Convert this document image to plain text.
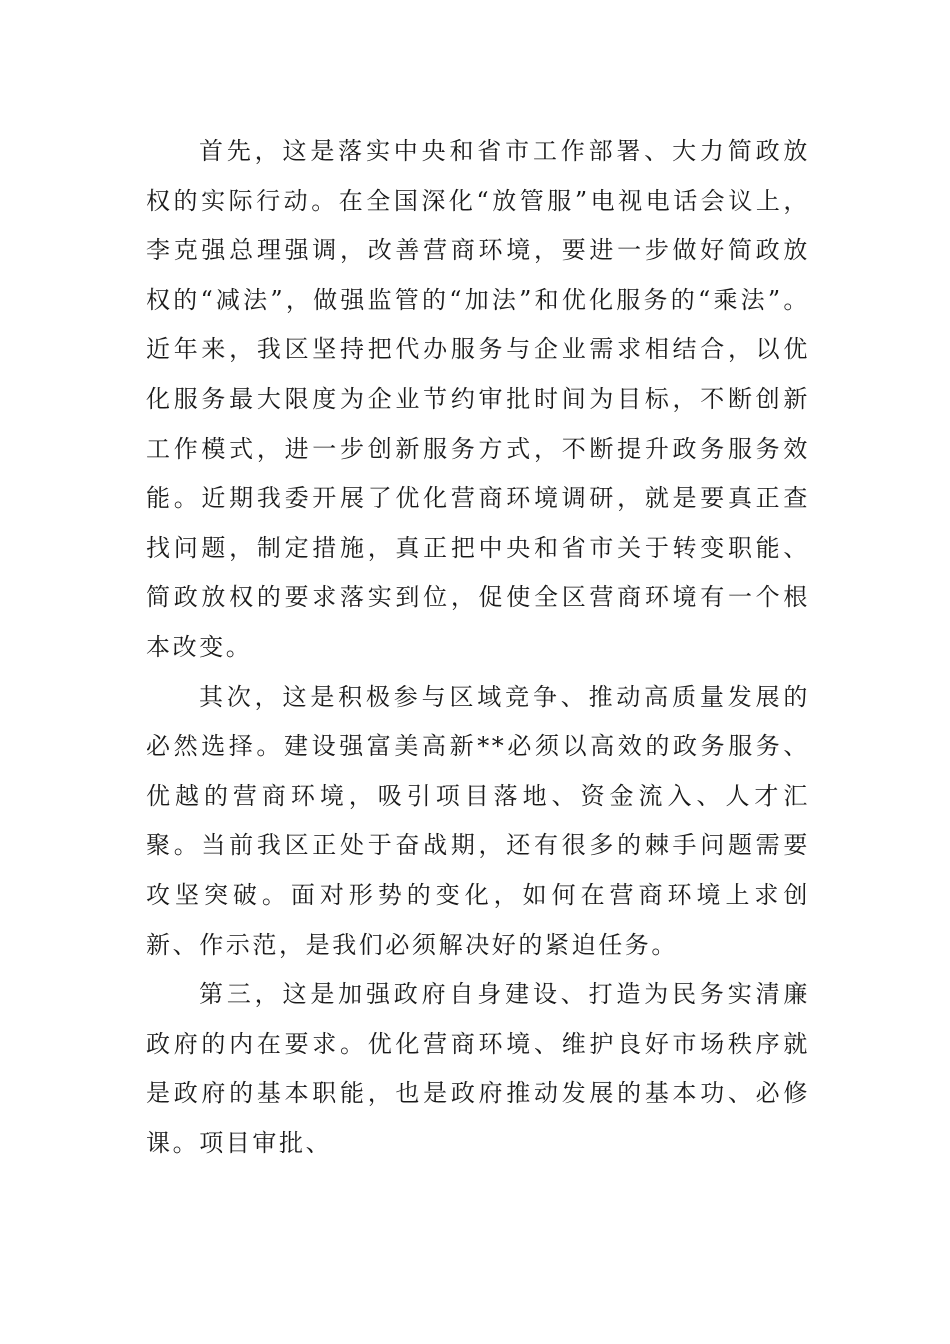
首先，这是落实中央和省市工作部署、大力简政放权的实际行动。在全国深化“放管服”电视电话会议上，李克强总理强调，改善营商环境，要进一步做好简政放权的“减法”，做强监管的“加法”和优化服务的“乘法”。近年来，我区坚持把代办服务与企业需求相结合，以优化服务最大限度为企业节约审批时间为目标，不断创新工作模式，进一步创新服务方式，不断提升政务服务效能。近期我委开展了优化营商环境调研，就是要真正查找问题，制定措施，真正把中央和省市关于转变职能、简政放权的要求落实到位，促使全区营商环境有一个根本改变。

其次，这是积极参与区域竞争、推动高质量发展的必然选择。建设强富美高新**必须以高效的政务服务、优越的营商环境，吸引项目落地、资金流入、人才汇聚。当前我区正处于奋战期，还有很多的棘手问题需要攻坚突破。面对形势的变化，如何在营商环境上求创新、作示范，是我们必须解决好的紧迫任务。

第三，这是加强政府自身建设、打造为民务实清廉政府的内在要求。优化营商环境、维护良好市场秩序就是政府的基本职能，也是政府推动发展的基本功、必修课。项目审批、
